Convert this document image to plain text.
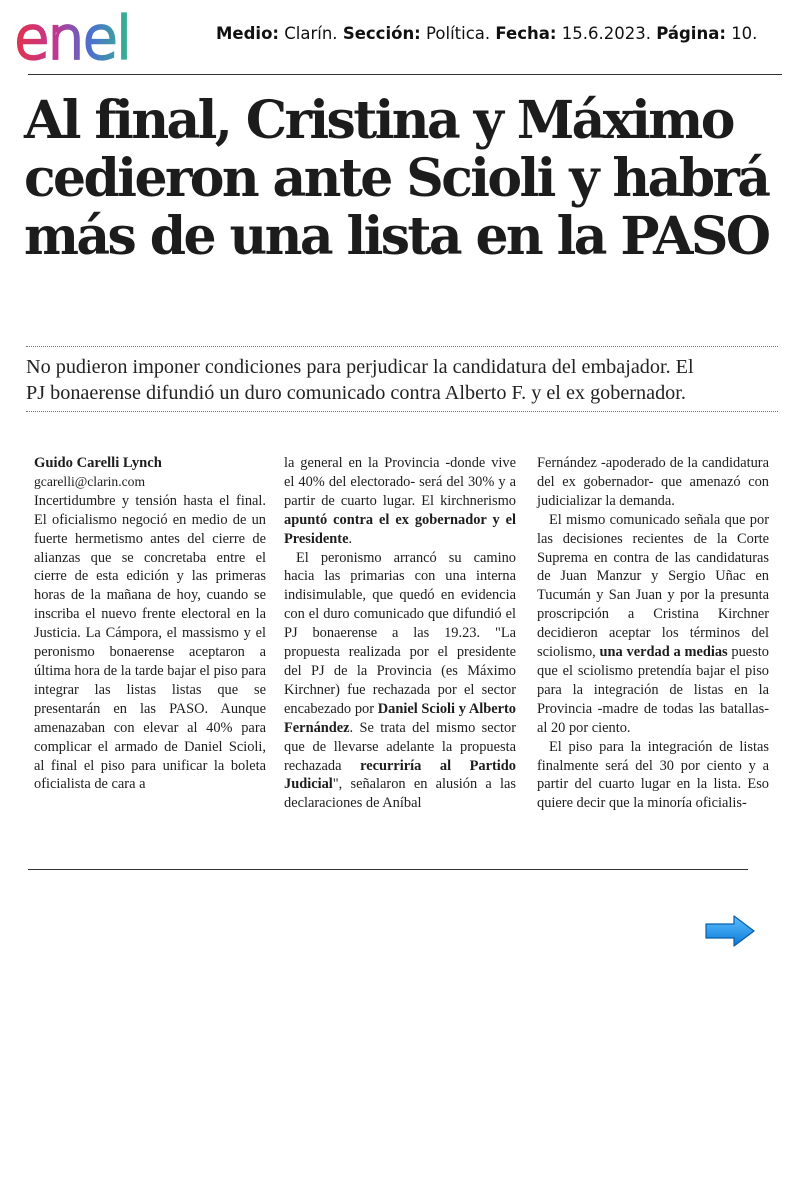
enel	Medio: Clarín. Sección: Política. Fecha: 15.6.2023. Página: 10.
Al final, Cristina y Máximo
cedieron ante Scioli y habrá
más de una lista en la PASO

No pudieron imponer condiciones para perjudicar la candidatura del embajador. El
PJ bonaerense difundió un duro comunicado contra Alberto F. y el ex gobernador.

Guido Carelli Lynch

gcarelli@clarin.com

Incertidumbre y tensión hasta el final. El oficialismo negoció en medio de un fuerte hermetismo antes del cierre de alianzas que se concretaba entre el cierre de esta edición y las primeras horas de la mañana de hoy, cuando se inscriba el nuevo frente electoral en la Justicia. La Cámpora, el massismo y el peronismo bonaerense aceptaron a última hora de la tarde bajar el piso para integrar las listas listas que se presentarán en las PASO. Aunque amenazaban con elevar al 40% para complicar el armado de Daniel Scioli, al final el piso para unificar la boleta oficialista de cara a

la general en la Provincia -donde vive el 40% del electorado- será del 30% y a partir de cuarto lugar. El kirchnerismo apuntó contra el ex gobernador y el Presidente.

El peronismo arrancó su camino hacia las primarias con una interna indisimulable, que quedó en evidencia con el duro comunicado que difundió el PJ bonaerense a las 19.23. "La propuesta realizada por el presidente del PJ de la Provincia (es Máximo Kirchner) fue rechazada por el sector encabezado por Daniel Scioli y Alberto Fernández. Se trata del mismo sector que de llevarse adelante la propuesta rechazada recurriría al Partido Judicial", señalaron en alusión a las declaraciones de Aníbal

Fernández -apoderado de la candidatura del ex gobernador- que amenazó con judicializar la demanda.

El mismo comunicado señala que por las decisiones recientes de la Corte Suprema en contra de las candidaturas de Juan Manzur y Sergio Uñac en Tucumán y San Juan y por la presunta proscripción a Cristina Kirchner decidieron aceptar los términos del sciolismo, una verdad a medias puesto que el sciolismo pretendía bajar el piso para la integración de listas en la Provincia -madre de todas las batallas- al 20 por ciento.

El piso para la integración de listas finalmente será del 30 por ciento y a partir del cuarto lugar en la lista. Eso quiere decir que la minoría oficialis-
